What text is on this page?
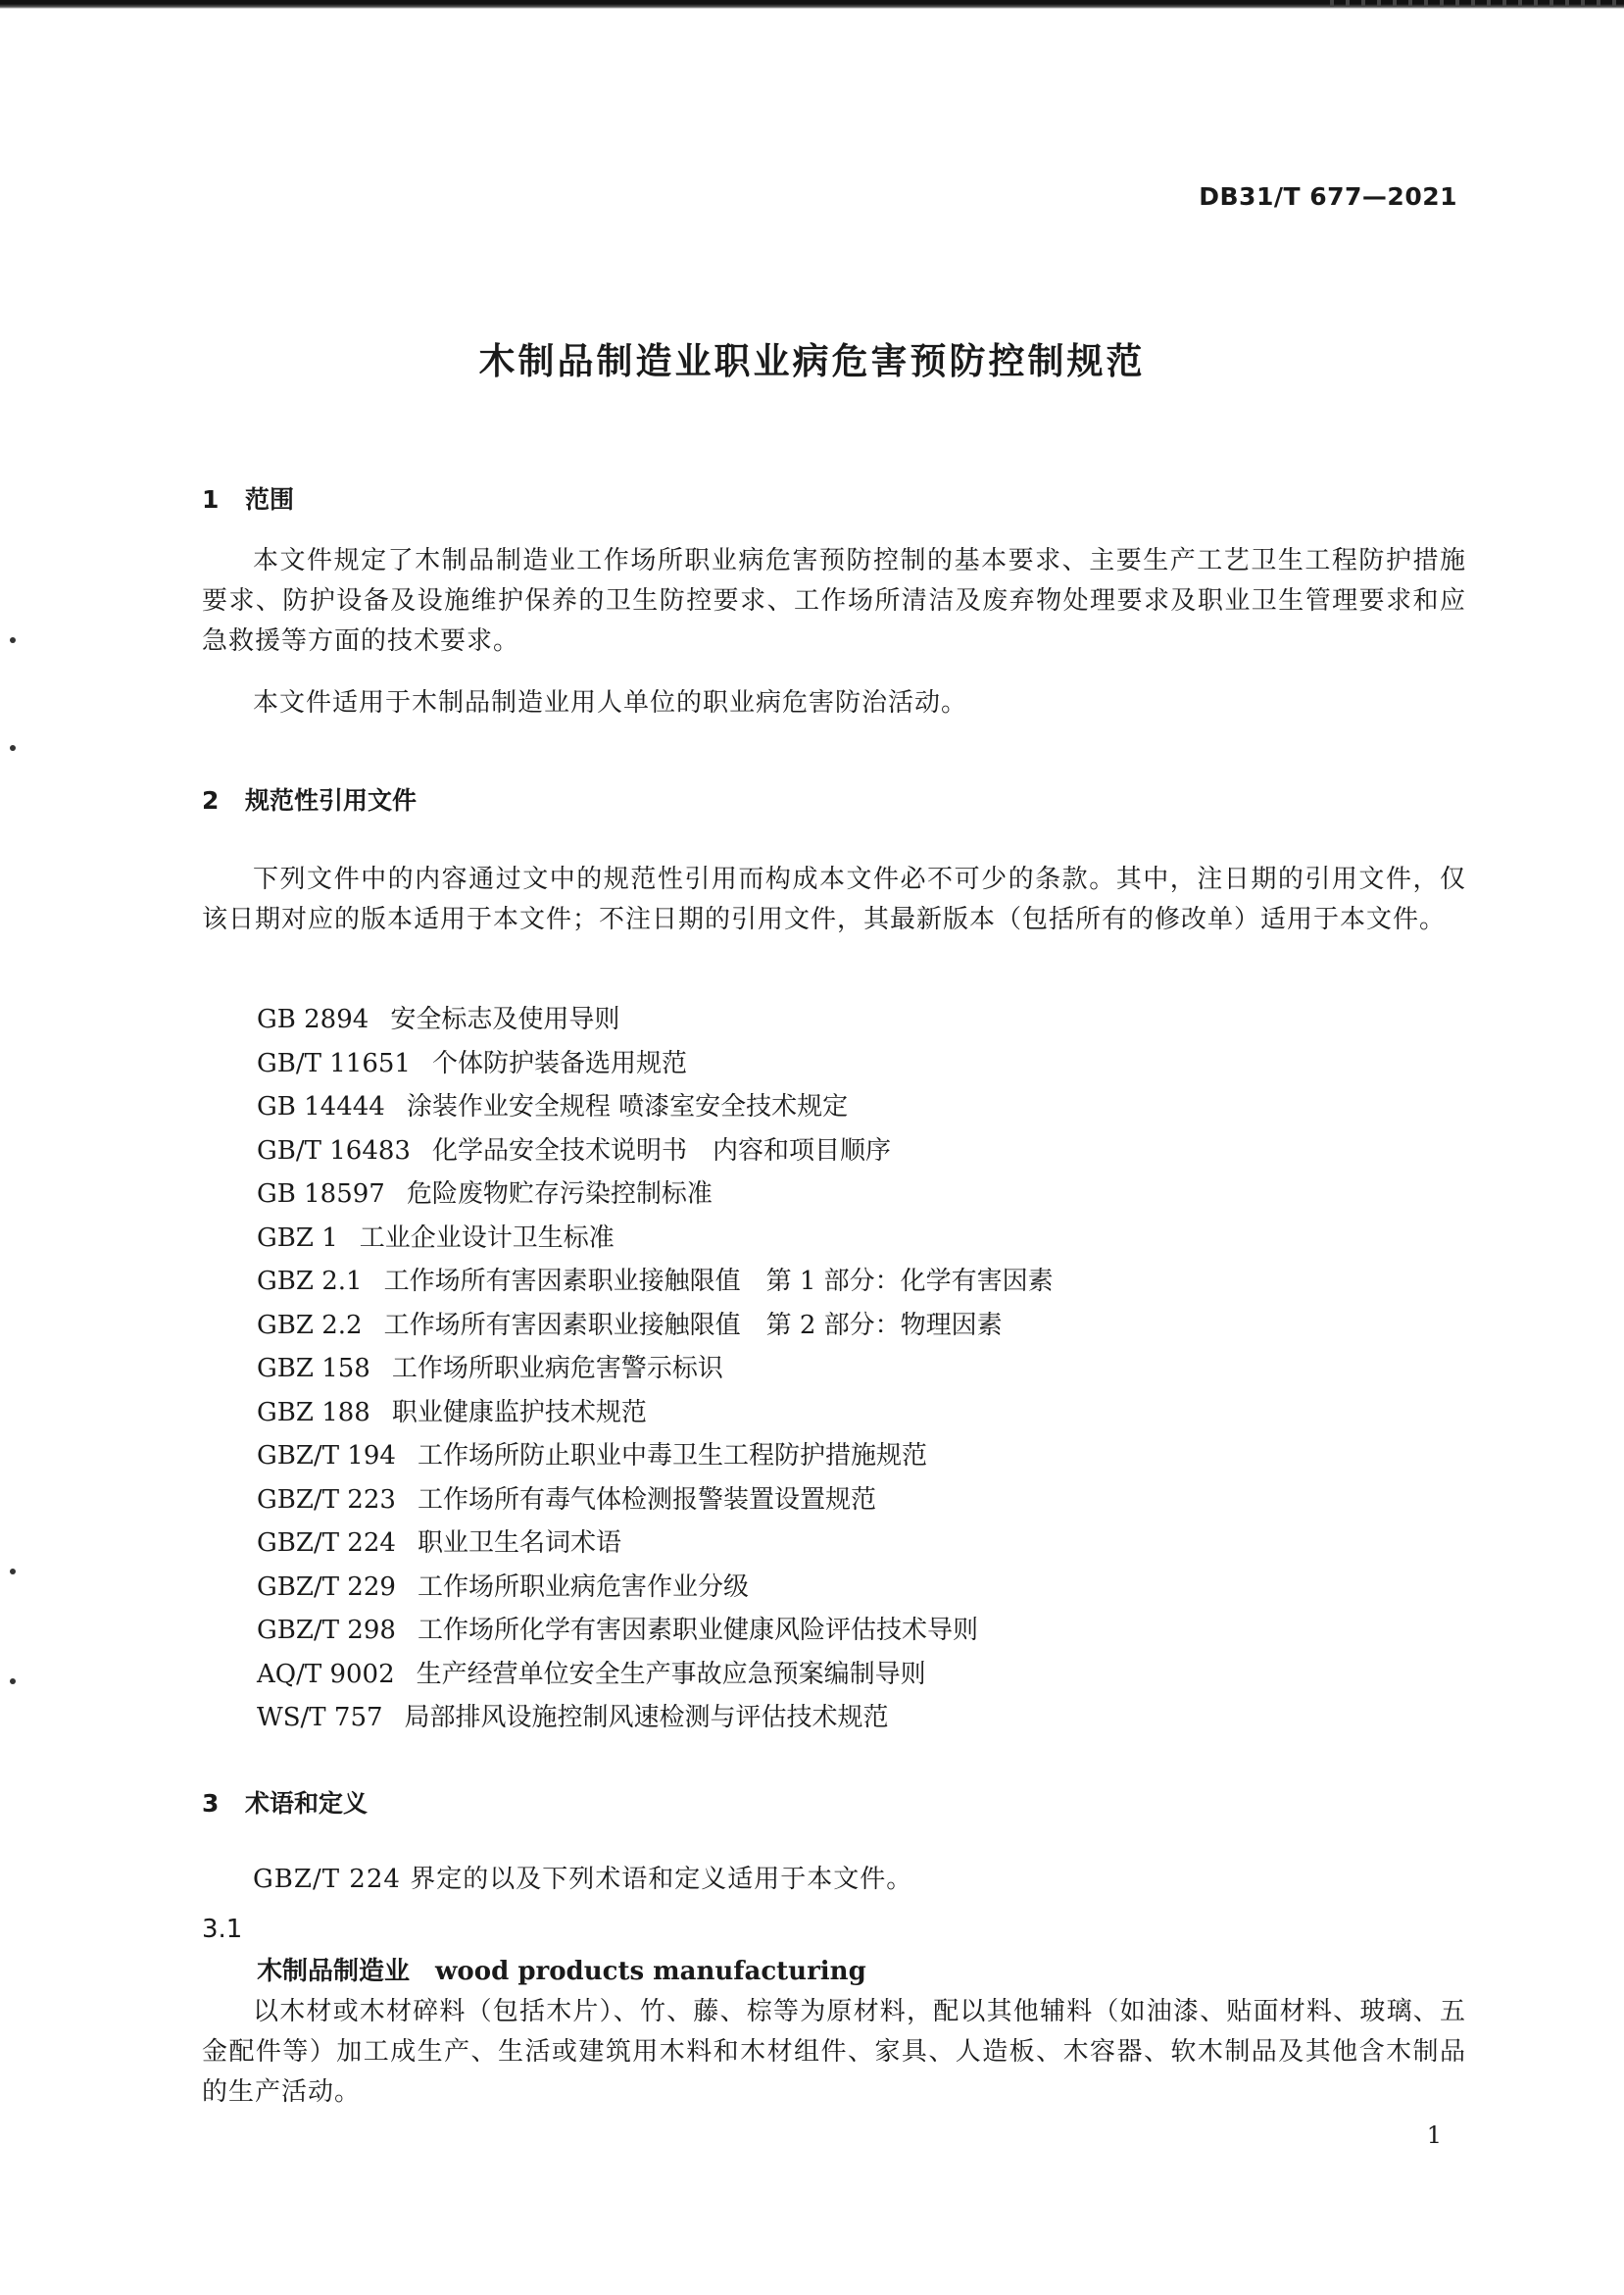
DB31/T 677—2021
木制品制造业职业病危害预防控制规范
1 范围
本文件规定了木制品制造业工作场所职业病危害预防控制的基本要求、主要生产工艺卫生工程防护措施要求、防护设备及设施维护保养的卫生防控要求、工作场所清洁及废弃物处理要求及职业卫生管理要求和应急救援等方面的技术要求。
本文件适用于木制品制造业用人单位的职业病危害防治活动。
2 规范性引用文件
下列文件中的内容通过文中的规范性引用而构成本文件必不可少的条款。其中，注日期的引用文件，仅该日期对应的版本适用于本文件；不注日期的引用文件，其最新版本（包括所有的修改单）适用于本文件。
GB 2894 安全标志及使用导则
GB/T 11651 个体防护装备选用规范
GB 14444 涂装作业安全规程 喷漆室安全技术规定
GB/T 16483 化学品安全技术说明书　内容和项目顺序
GB 18597 危险废物贮存污染控制标准
GBZ 1 工业企业设计卫生标准
GBZ 2.1 工作场所有害因素职业接触限值　第 1 部分：化学有害因素
GBZ 2.2 工作场所有害因素职业接触限值　第 2 部分：物理因素
GBZ 158 工作场所职业病危害警示标识
GBZ 188 职业健康监护技术规范
GBZ/T 194 工作场所防止职业中毒卫生工程防护措施规范
GBZ/T 223 工作场所有毒气体检测报警装置设置规范
GBZ/T 224 职业卫生名词术语
GBZ/T 229 工作场所职业病危害作业分级
GBZ/T 298 工作场所化学有害因素职业健康风险评估技术导则
AQ/T 9002 生产经营单位安全生产事故应急预案编制导则
WS/T 757 局部排风设施控制风速检测与评估技术规范
3 术语和定义
GBZ/T 224 界定的以及下列术语和定义适用于本文件。
3.1
木制品制造业 wood products manufacturing
以木材或木材碎料（包括木片）、竹、藤、棕等为原材料，配以其他辅料（如油漆、贴面材料、玻璃、五金配件等）加工成生产、生活或建筑用木料和木材组件、家具、人造板、木容器、软木制品及其他含木制品的生产活动。
1
